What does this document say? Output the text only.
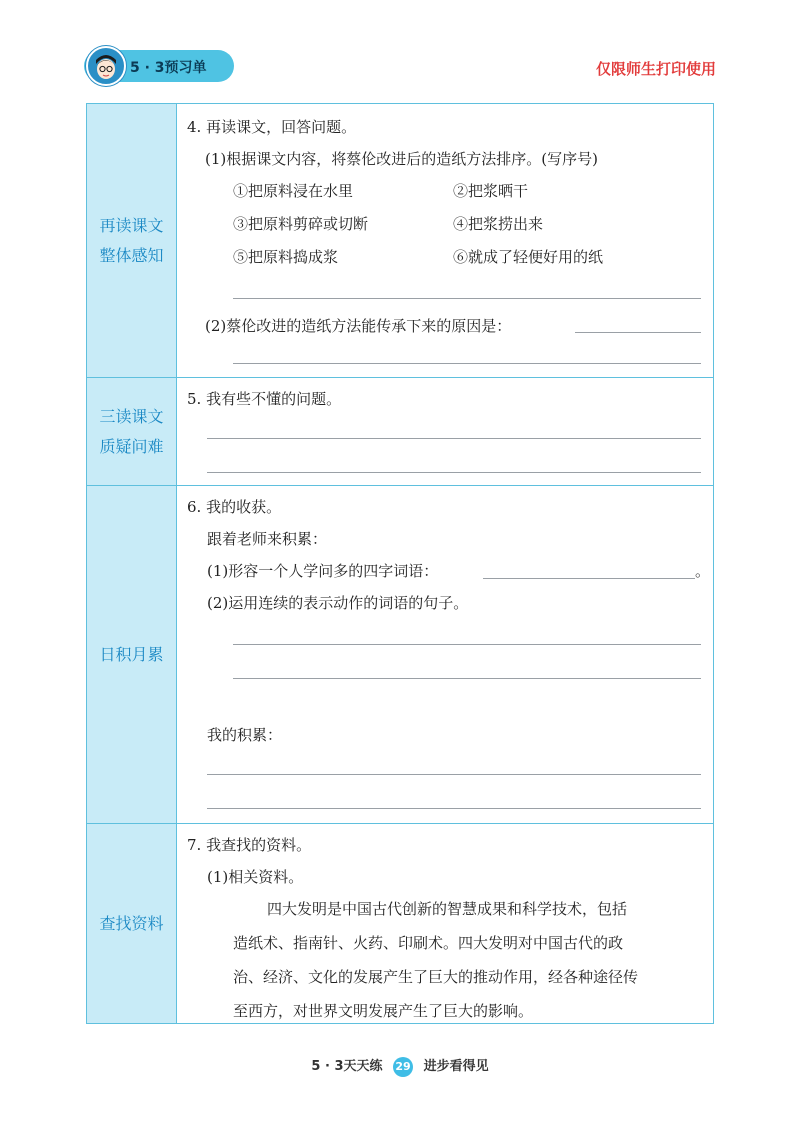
5 · 3预习单	仅限师生打印使用
再读课文
整体感知
4. 再读课文，回答问题。
(1)根据课文内容，将蔡伦改进后的造纸方法排序。(写序号)
①把原料浸在水里	②把浆晒干
③把原料剪碎或切断	④把浆捞出来
⑤把原料捣成浆	⑥就成了轻便好用的纸
(2)蔡伦改进的造纸方法能传承下来的原因是：
三读课文
质疑问难
5. 我有些不懂的问题。
日积月累
6. 我的收获。
跟着老师来积累：
(1)形容一个人学问多的四字词语：	。
(2)运用连续的表示动作的词语的句子。
我的积累：
查找资料
7. 我查找的资料。
(1)相关资料。
四大发明是中国古代创新的智慧成果和科学技术，包括
造纸术、指南针、火药、印刷术。四大发明对中国古代的政
治、经济、文化的发展产生了巨大的推动作用，经各种途径传
至西方，对世界文明发展产生了巨大的影响。
5 · 3天天练 29 进步看得见
